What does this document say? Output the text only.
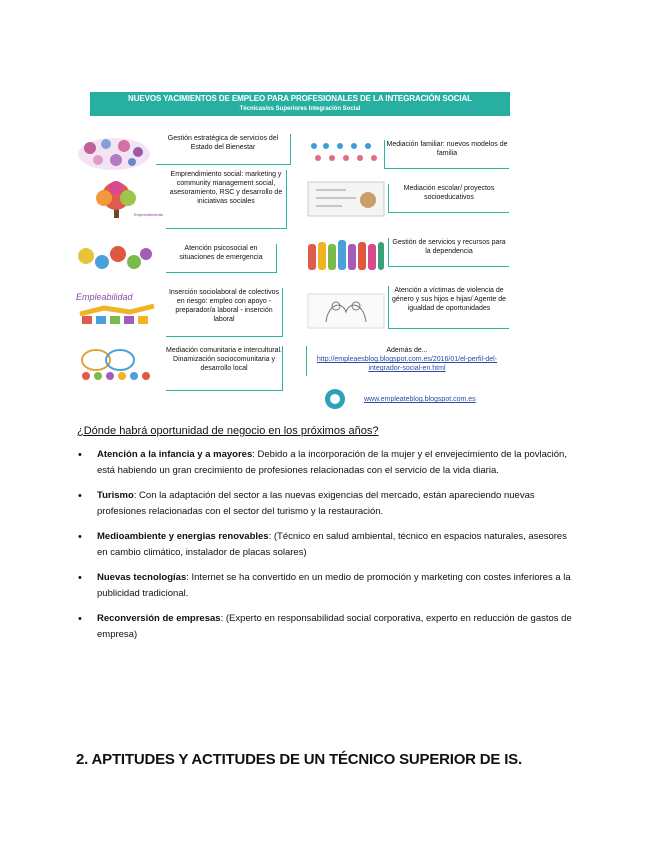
NUEVOS YACIMIENTOS DE EMPLEO PARA PROFESIONALES DE LA INTEGRACIÓN SOCIAL
Técnicas/os Superiores Integración Social
Gestión estratégica de servicios del Estado del Bienestar
Emprendimiento
Emprendimiento social: marketing y community management social, asesoramiento, RSC y desarrollo de iniciativas sociales
Atención psicosocial en situaciones de emergencia
Empleabilidad	Inserción sociolaboral de colectivos en riesgo: empleo con apoyo - preparador/a laboral - inserción laboral
Mediación comunitaria e intercultural. Dinamización sociocomunitaria y desarrollo local
Mediación familiar: nuevos modelos de familia
Mediación escolar/ proyectos socioeducativos
Gestión de servicios y recursos para la dependencia
Atención a víctimas de violencia de género y sus hijos e hijas/ Agente de igualdad de oportunidades
Además de...
http://empleaesblog.blogspot.com.es/2016/01/el-perfil-del-integrador-social-en.html
www.empleateblog.blogspot.com.es
¿Dónde habrá oportunidad de negocio en los próximos años?
• Atención a la infancia y a mayores: Debido a la incorporación de la mujer y el envejecimiento de la povlación, está habiendo un gran crecimiento de profesiones relacionadas con el servicio de la vida diaria.
• Turismo: Con la adaptación del sector a las nuevas exigencias del mercado, están apareciendo nuevas profesiones relacionadas con el sector del turismo y la restauración.
• Medioambiente y energias renovables: (Técnico en salud ambiental, técnico en espacios naturales, asesores en cambio climático, instalador de placas solares)
• Nuevas tecnologías: Internet se ha convertido en un medio de promoción y marketing con costes inferiores a la publicidad tradicional.
• Reconversión de empresas: (Experto en responsabilidad social corporativa, experto en reducción de gastos de empresa)
2. APTITUDES Y ACTITUDES DE UN TÉCNICO SUPERIOR DE IS.
